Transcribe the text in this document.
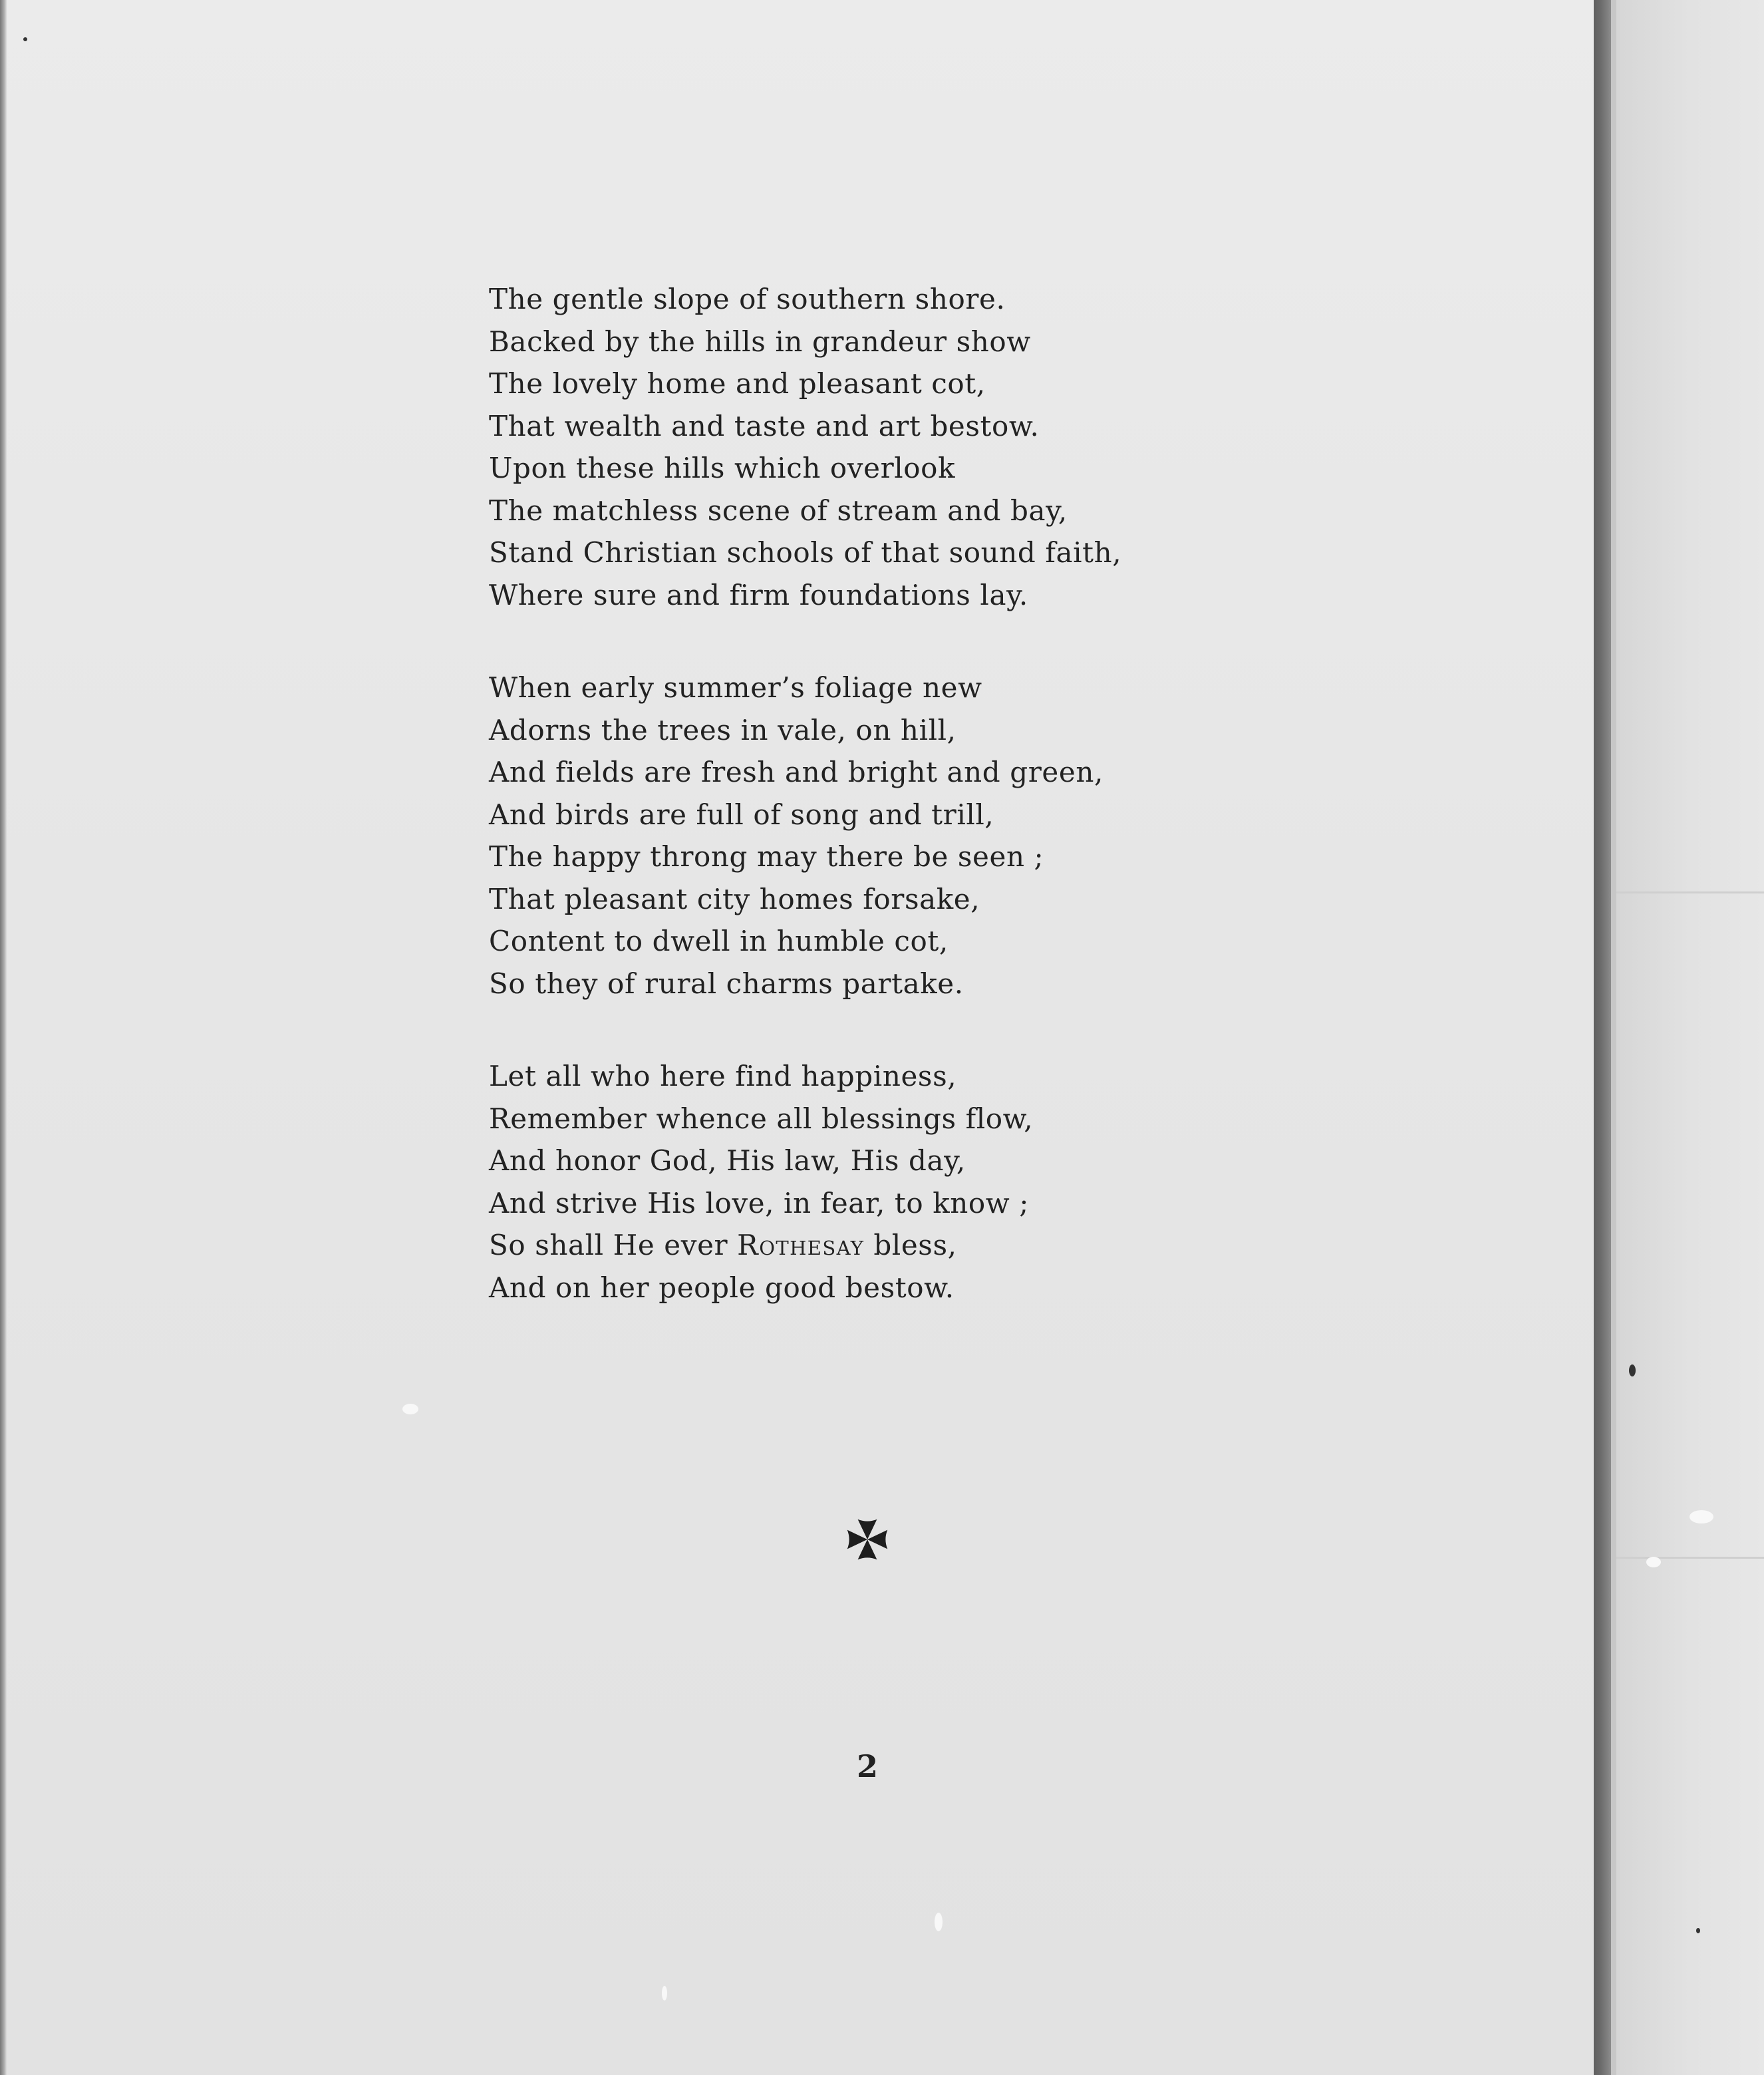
The gentle slope of southern shore.
Backed by the hills in grandeur show
The lovely home and pleasant cot,
That wealth and taste and art bestow.
Upon these hills which overlook
The matchless scene of stream and bay,
Stand Christian schools of that sound faith,
Where sure and firm foundations lay.
When early summer’s foliage new
Adorns the trees in vale, on hill,
And fields are fresh and bright and green,
And birds are full of song and trill,
The happy throng may there be seen ;
That pleasant city homes forsake,
Content to dwell in humble cot,
So they of rural charms partake.
Let all who here find happiness,
Remember whence all blessings flow,
And honor God, His law, His day,
And strive His love, in fear, to know ;
So shall He ever Rothesay bless,
And on her people good bestow.
2
